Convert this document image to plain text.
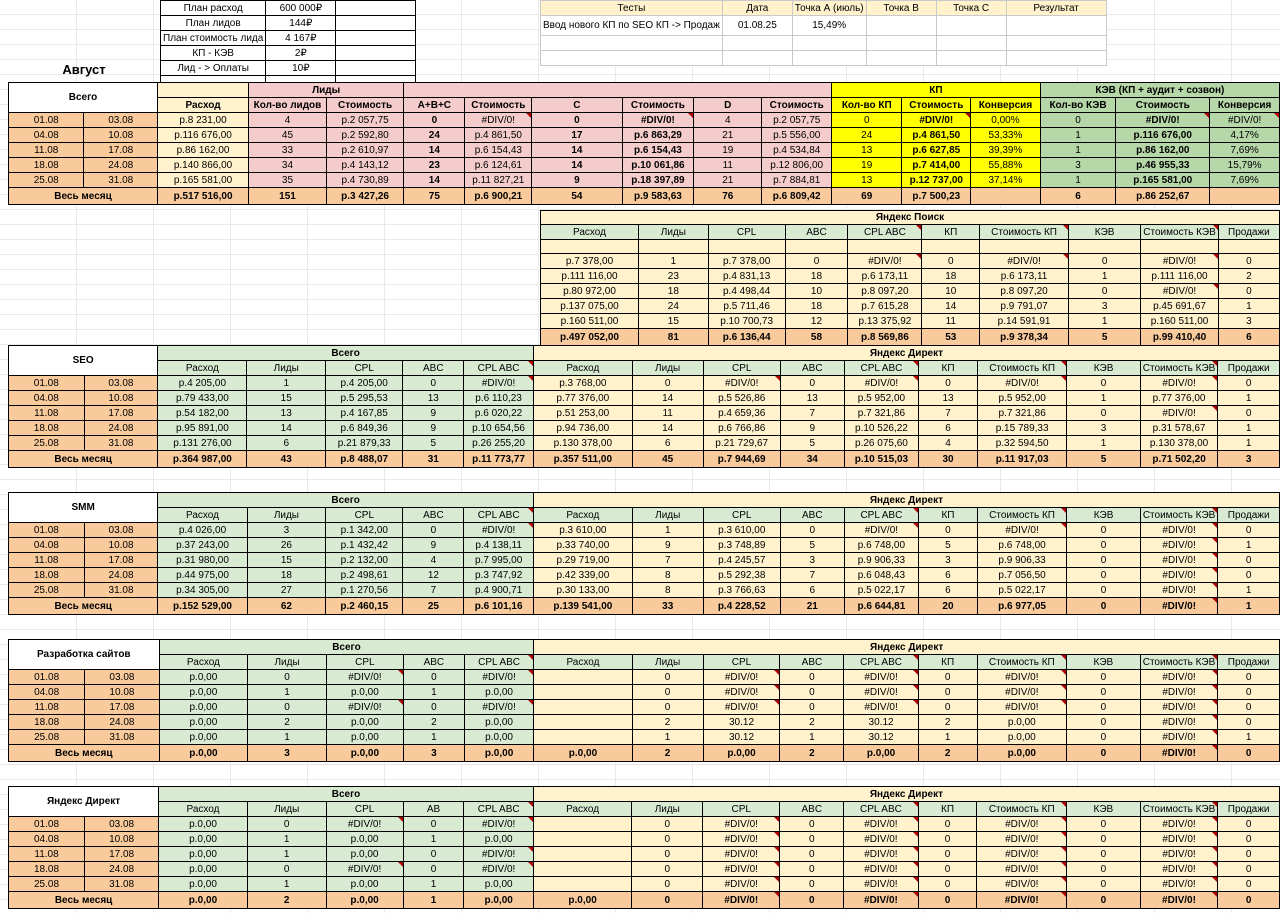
Август
План расход	600 000₽	
План лидов	144₽	
План стоимость лида	4 167₽	
КП - КЭВ	2₽	
Лид - > Оплаты	10₽	

Тесты	Дата	Точка А (июль)	Точка B	Точка C	Результат
Ввод нового КП по SEO КП -> Продаж	01.08.25	15,49%			

Всего			Лиды								КП			КЭВ (КП + аудит + созвон)		
		Расход	Кол-во лидов	Стоимость	A+B+C	Стоимость	C	Стоимость	D	Стоимость	Кол-во КП	Стоимость	Конверсия	Кол-во КЭВ	Стоимость	Конверсия
01.08	03.08	р.8 231,00	4	р.2 057,75	0	#DIV/0!	0	#DIV/0!	4	р.2 057,75	0	#DIV/0!	0,00%	0	#DIV/0!	#DIV/0!
04.08	10.08	р.116 676,00	45	р.2 592,80	24	р.4 861,50	17	р.6 863,29	21	р.5 556,00	24	р.4 861,50	53,33%	1	р.116 676,00	4,17%
11.08	17.08	р.86 162,00	33	р.2 610,97	14	р.6 154,43	14	р.6 154,43	19	р.4 534,84	13	р.6 627,85	39,39%	1	р.86 162,00	7,69%
18.08	24.08	р.140 866,00	34	р.4 143,12	23	р.6 124,61	14	р.10 061,86	11	р.12 806,00	19	р.7 414,00	55,88%	3	р.46 955,33	15,79%
25.08	31.08	р.165 581,00	35	р.4 730,89	14	р.11 827,21	9	р.18 397,89	21	р.7 884,81	13	р.12 737,00	37,14%	1	р.165 581,00	7,69%
Весь месяц		р.517 516,00	151	р.3 427,26	75	р.6 900,21	54	р.9 583,63	76	р.6 809,42	69	р.7 500,23		6	р.86 252,67	
Яндекс Поиск									
Расход	Лиды	CPL	ABC	CPL ABC	КП	Стоимость КП	КЭВ	Стоимость КЭВ	Продажи

р.7 378,00	1	р.7 378,00	0	#DIV/0!	0	#DIV/0!	0	#DIV/0!	0
р.111 116,00	23	р.4 831,13	18	р.6 173,11	18	р.6 173,11	1	р.111 116,00	2
р.80 972,00	18	р.4 498,44	10	р.8 097,20	10	р.8 097,20	0	#DIV/0!	0
р.137 075,00	24	р.5 711,46	18	р.7 615,28	14	р.9 791,07	3	р.45 691,67	1
р.160 511,00	15	р.10 700,73	12	р.13 375,92	11	р.14 591,91	1	р.160 511,00	3
р.497 052,00	81	р.6 136,44	58	р.8 569,86	53	р.9 378,34	5	р.99 410,40	6
SEO		Всего					Яндекс Директ									
		Расход	Лиды	CPL	ABC	CPL ABC	Расход	Лиды	CPL	ABC	CPL ABC	КП	Стоимость КП	КЭВ	Стоимость КЭВ	Продажи
01.08	03.08	р.4 205,00	1	р.4 205,00	0	#DIV/0!	р.3 768,00	0	#DIV/0!	0	#DIV/0!	0	#DIV/0!	0	#DIV/0!	0
04.08	10.08	р.79 433,00	15	р.5 295,53	13	р.6 110,23	р.77 376,00	14	р.5 526,86	13	р.5 952,00	13	р.5 952,00	1	р.77 376,00	1
11.08	17.08	р.54 182,00	13	р.4 167,85	9	р.6 020,22	р.51 253,00	11	р.4 659,36	7	р.7 321,86	7	р.7 321,86	0	#DIV/0!	0
18.08	24.08	р.95 891,00	14	р.6 849,36	9	р.10 654,56	р.94 736,00	14	р.6 766,86	9	р.10 526,22	6	р.15 789,33	3	р.31 578,67	1
25.08	31.08	р.131 276,00	6	р.21 879,33	5	р.26 255,20	р.130 378,00	6	р.21 729,67	5	р.26 075,60	4	р.32 594,50	1	р.130 378,00	1
Весь месяц		р.364 987,00	43	р.8 488,07	31	р.11 773,77	р.357 511,00	45	р.7 944,69	34	р.10 515,03	30	р.11 917,03	5	р.71 502,20	3
SMM		Всего					Яндекс Директ									
		Расход	Лиды	CPL	ABC	CPL ABC	Расход	Лиды	CPL	ABC	CPL ABC	КП	Стоимость КП	КЭВ	Стоимость КЭВ	Продажи
01.08	03.08	р.4 026,00	3	р.1 342,00	0	#DIV/0!	р.3 610,00	1	р.3 610,00	0	#DIV/0!	0	#DIV/0!	0	#DIV/0!	0
04.08	10.08	р.37 243,00	26	р.1 432,42	9	р.4 138,11	р.33 740,00	9	р.3 748,89	5	р.6 748,00	5	р.6 748,00	0	#DIV/0!	1
11.08	17.08	р.31 980,00	15	р.2 132,00	4	р.7 995,00	р.29 719,00	7	р.4 245,57	3	р.9 906,33	3	р.9 906,33	0	#DIV/0!	0
18.08	24.08	р.44 975,00	18	р.2 498,61	12	р.3 747,92	р.42 339,00	8	р.5 292,38	7	р.6 048,43	6	р.7 056,50	0	#DIV/0!	0
25.08	31.08	р.34 305,00	27	р.1 270,56	7	р.4 900,71	р.30 133,00	8	р.3 766,63	6	р.5 022,17	6	р.5 022,17	0	#DIV/0!	1
Весь месяц		р.152 529,00	62	р.2 460,15	25	р.6 101,16	р.139 541,00	33	р.4 228,52	21	р.6 644,81	20	р.6 977,05	0	#DIV/0!	1
Разработка сайтов		Всего					Яндекс Директ									
		Расход	Лиды	CPL	ABC	CPL ABC	Расход	Лиды	CPL	ABC	CPL ABC	КП	Стоимость КП	КЭВ	Стоимость КЭВ	Продажи
01.08	03.08	р.0,00	0	#DIV/0!	0	#DIV/0!		0	#DIV/0!	0	#DIV/0!	0	#DIV/0!	0	#DIV/0!	0
04.08	10.08	р.0,00	1	р.0,00	1	р.0,00		0	#DIV/0!	0	#DIV/0!	0	#DIV/0!	0	#DIV/0!	0
11.08	17.08	р.0,00	0	#DIV/0!	0	#DIV/0!		0	#DIV/0!	0	#DIV/0!	0	#DIV/0!	0	#DIV/0!	0
18.08	24.08	р.0,00	2	р.0,00	2	р.0,00		2	30.12	2	30.12	2	р.0,00	0	#DIV/0!	0
25.08	31.08	р.0,00	1	р.0,00	1	р.0,00		1	30.12	1	30.12	1	р.0,00	0	#DIV/0!	1
Весь месяц		р.0,00	3	р.0,00	3	р.0,00	р.0,00	2	р.0,00	2	р.0,00	2	р.0,00	0	#DIV/0!	0
Яндекс Директ		Всего					Яндекс Директ									
		Расход	Лиды	CPL	AB	CPL ABC	Расход	Лиды	CPL	ABC	CPL ABC	КП	Стоимость КП	КЭВ	Стоимость КЭВ	Продажи
01.08	03.08	р.0,00	0	#DIV/0!	0	#DIV/0!		0	#DIV/0!	0	#DIV/0!	0	#DIV/0!	0	#DIV/0!	0
04.08	10.08	р.0,00	1	р.0,00	1	р.0,00		0	#DIV/0!	0	#DIV/0!	0	#DIV/0!	0	#DIV/0!	0
11.08	17.08	р.0,00	1	р.0,00	0	#DIV/0!		0	#DIV/0!	0	#DIV/0!	0	#DIV/0!	0	#DIV/0!	0
18.08	24.08	р.0,00	0	#DIV/0!	0	#DIV/0!		0	#DIV/0!	0	#DIV/0!	0	#DIV/0!	0	#DIV/0!	0
25.08	31.08	р.0,00	1	р.0,00	1	р.0,00		0	#DIV/0!	0	#DIV/0!	0	#DIV/0!	0	#DIV/0!	0
Весь месяц		р.0,00	2	р.0,00	1	р.0,00	р.0,00	0	#DIV/0!	0	#DIV/0!	0	#DIV/0!	0	#DIV/0!	0
